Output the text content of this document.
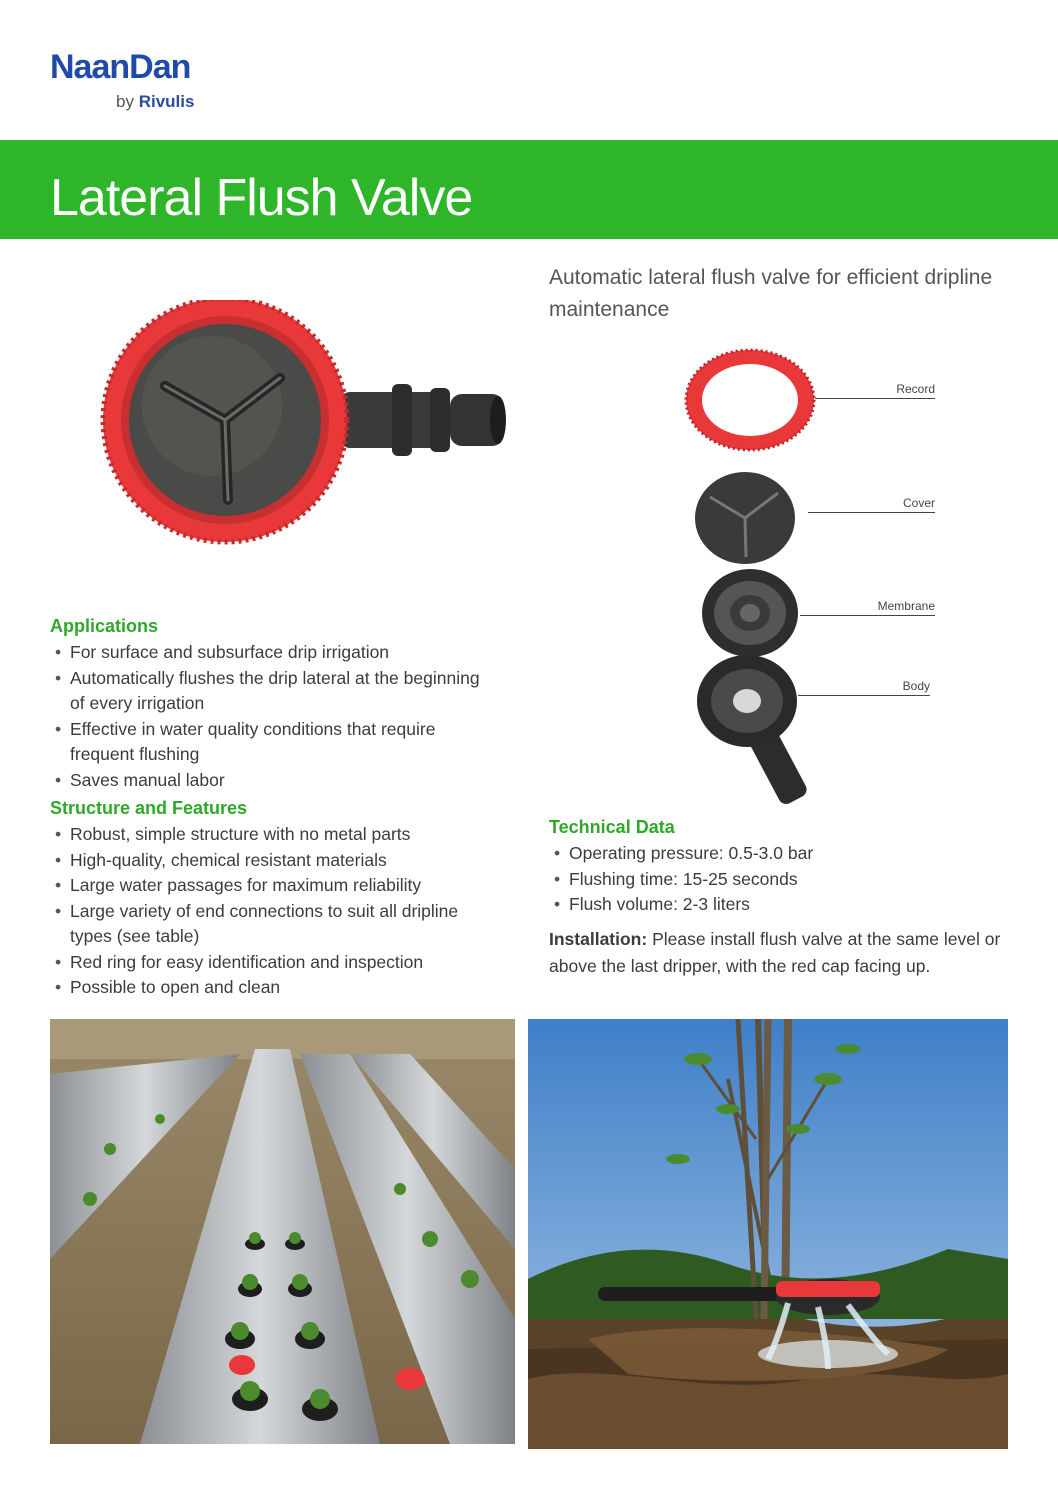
NaanDan
by Rivulis
Lateral Flush Valve
Automatic lateral flush valve for efficient dripline maintenance
Record
Cover
Membrane
Body
Applications
• For surface and subsurface drip irrigation
• Automatically flushes the drip lateral at the beginning of every irrigation
• Effective in water quality conditions that require frequent flushing
• Saves manual labor
Structure and Features
• Robust, simple structure with no metal parts
• High-quality, chemical resistant materials
• Large water passages for maximum reliability
• Large variety of end connections to suit all dripline types (see table)
• Red ring for easy identification and inspection
• Possible to open and clean
Technical Data
• Operating pressure: 0.5-3.0 bar
• Flushing time: 15-25 seconds
• Flush volume: 2-3 liters
Installation: Please install flush valve at the same level or above the last dripper, with the red cap facing up.
